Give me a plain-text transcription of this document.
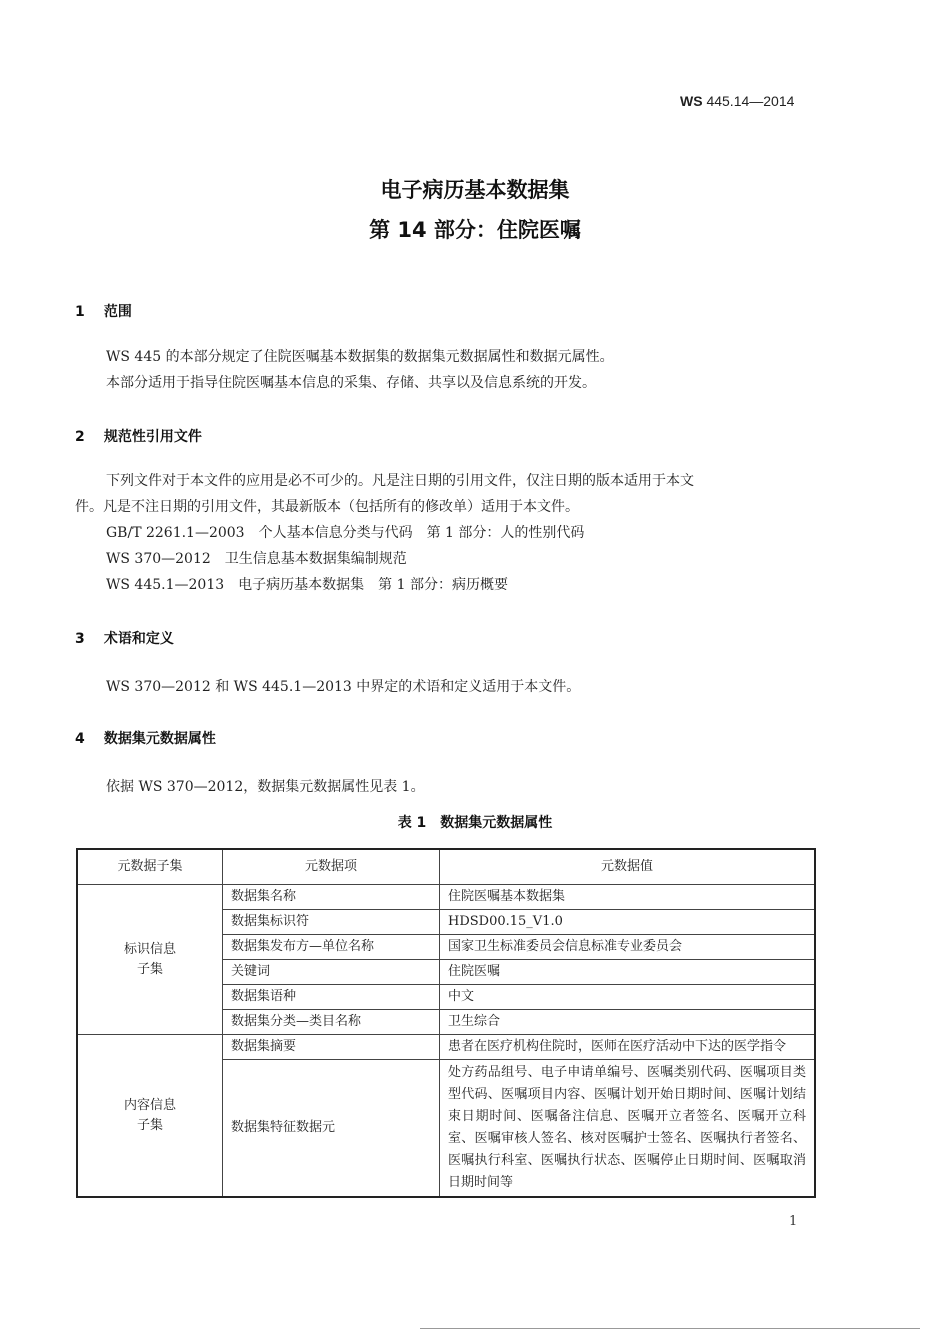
WS 445.14—2014
电子病历基本数据集
第 14 部分：住院医嘱
1 范围
WS 445 的本部分规定了住院医嘱基本数据集的数据集元数据属性和数据元属性。
本部分适用于指导住院医嘱基本信息的采集、存储、共享以及信息系统的开发。
2 规范性引用文件
下列文件对于本文件的应用是必不可少的。凡是注日期的引用文件，仅注日期的版本适用于本文
件。凡是不注日期的引用文件，其最新版本（包括所有的修改单）适用于本文件。
GB/T 2261.1—2003　个人基本信息分类与代码　第 1 部分：人的性别代码
WS 370—2012　卫生信息基本数据集编制规范
WS 445.1—2013　电子病历基本数据集　第 1 部分：病历概要
3 术语和定义
WS 370—2012 和 WS 445.1—2013 中界定的术语和定义适用于本文件。
4 数据集元数据属性
依据 WS 370—2012，数据集元数据属性见表 1。
表 1　数据集元数据属性
元数据子集	元数据项	元数据值

标识信息
子集	数据集名称	住院医嘱基本数据集
	数据集标识符	HDSD00.15_V1.0
	数据集发布方—单位名称	国家卫生标准委员会信息标准专业委员会
	关键词	住院医嘱
	数据集语种	中文
	数据集分类—类目名称	卫生综合

内容信息
子集	数据集摘要	患者在医疗机构住院时，医师在医疗活动中下达的医学指令
	数据集特征数据元	处方药品组号、电子申请单编号、医嘱类别代码、医嘱项目类型代码、医嘱项目内容、医嘱计划开始日期时间、医嘱计划结束日期时间、医嘱备注信息、医嘱开立者签名、医嘱开立科室、医嘱审核人签名、核对医嘱护士签名、医嘱执行者签名、医嘱执行科室、医嘱执行状态、医嘱停止日期时间、医嘱取消日期时间等
1
